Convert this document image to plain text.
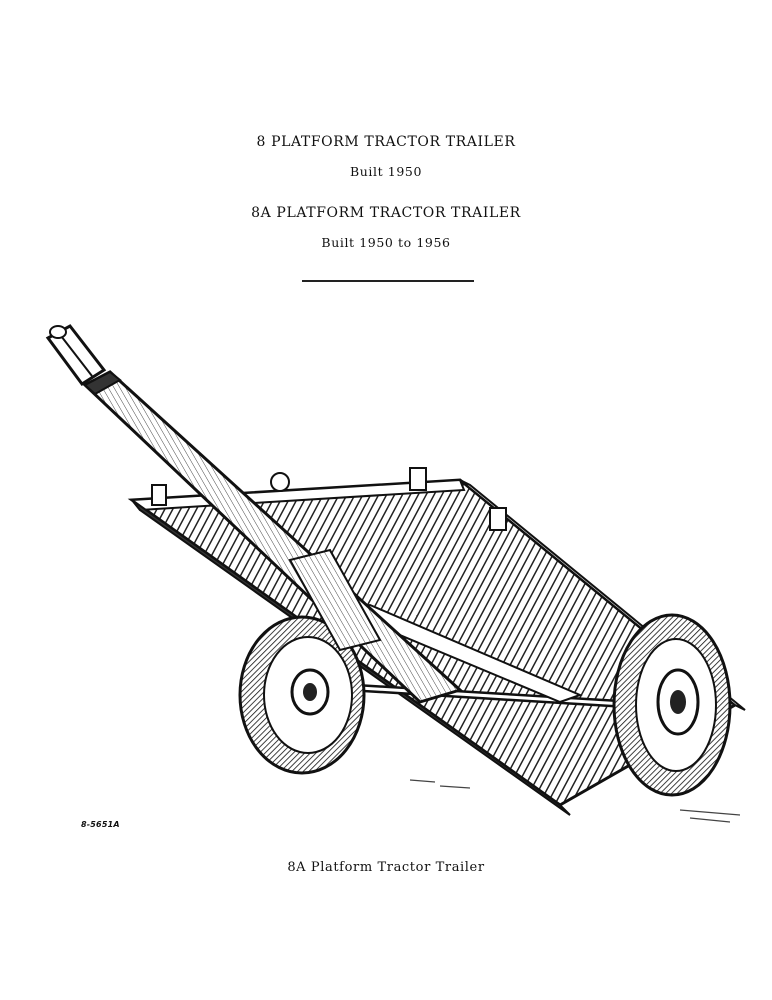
8 PLATFORM TRACTOR TRAILER
Built 1950
8A PLATFORM TRACTOR TRAILER
Built 1950 to 1956
8-5651A
8A Platform Tractor Trailer
